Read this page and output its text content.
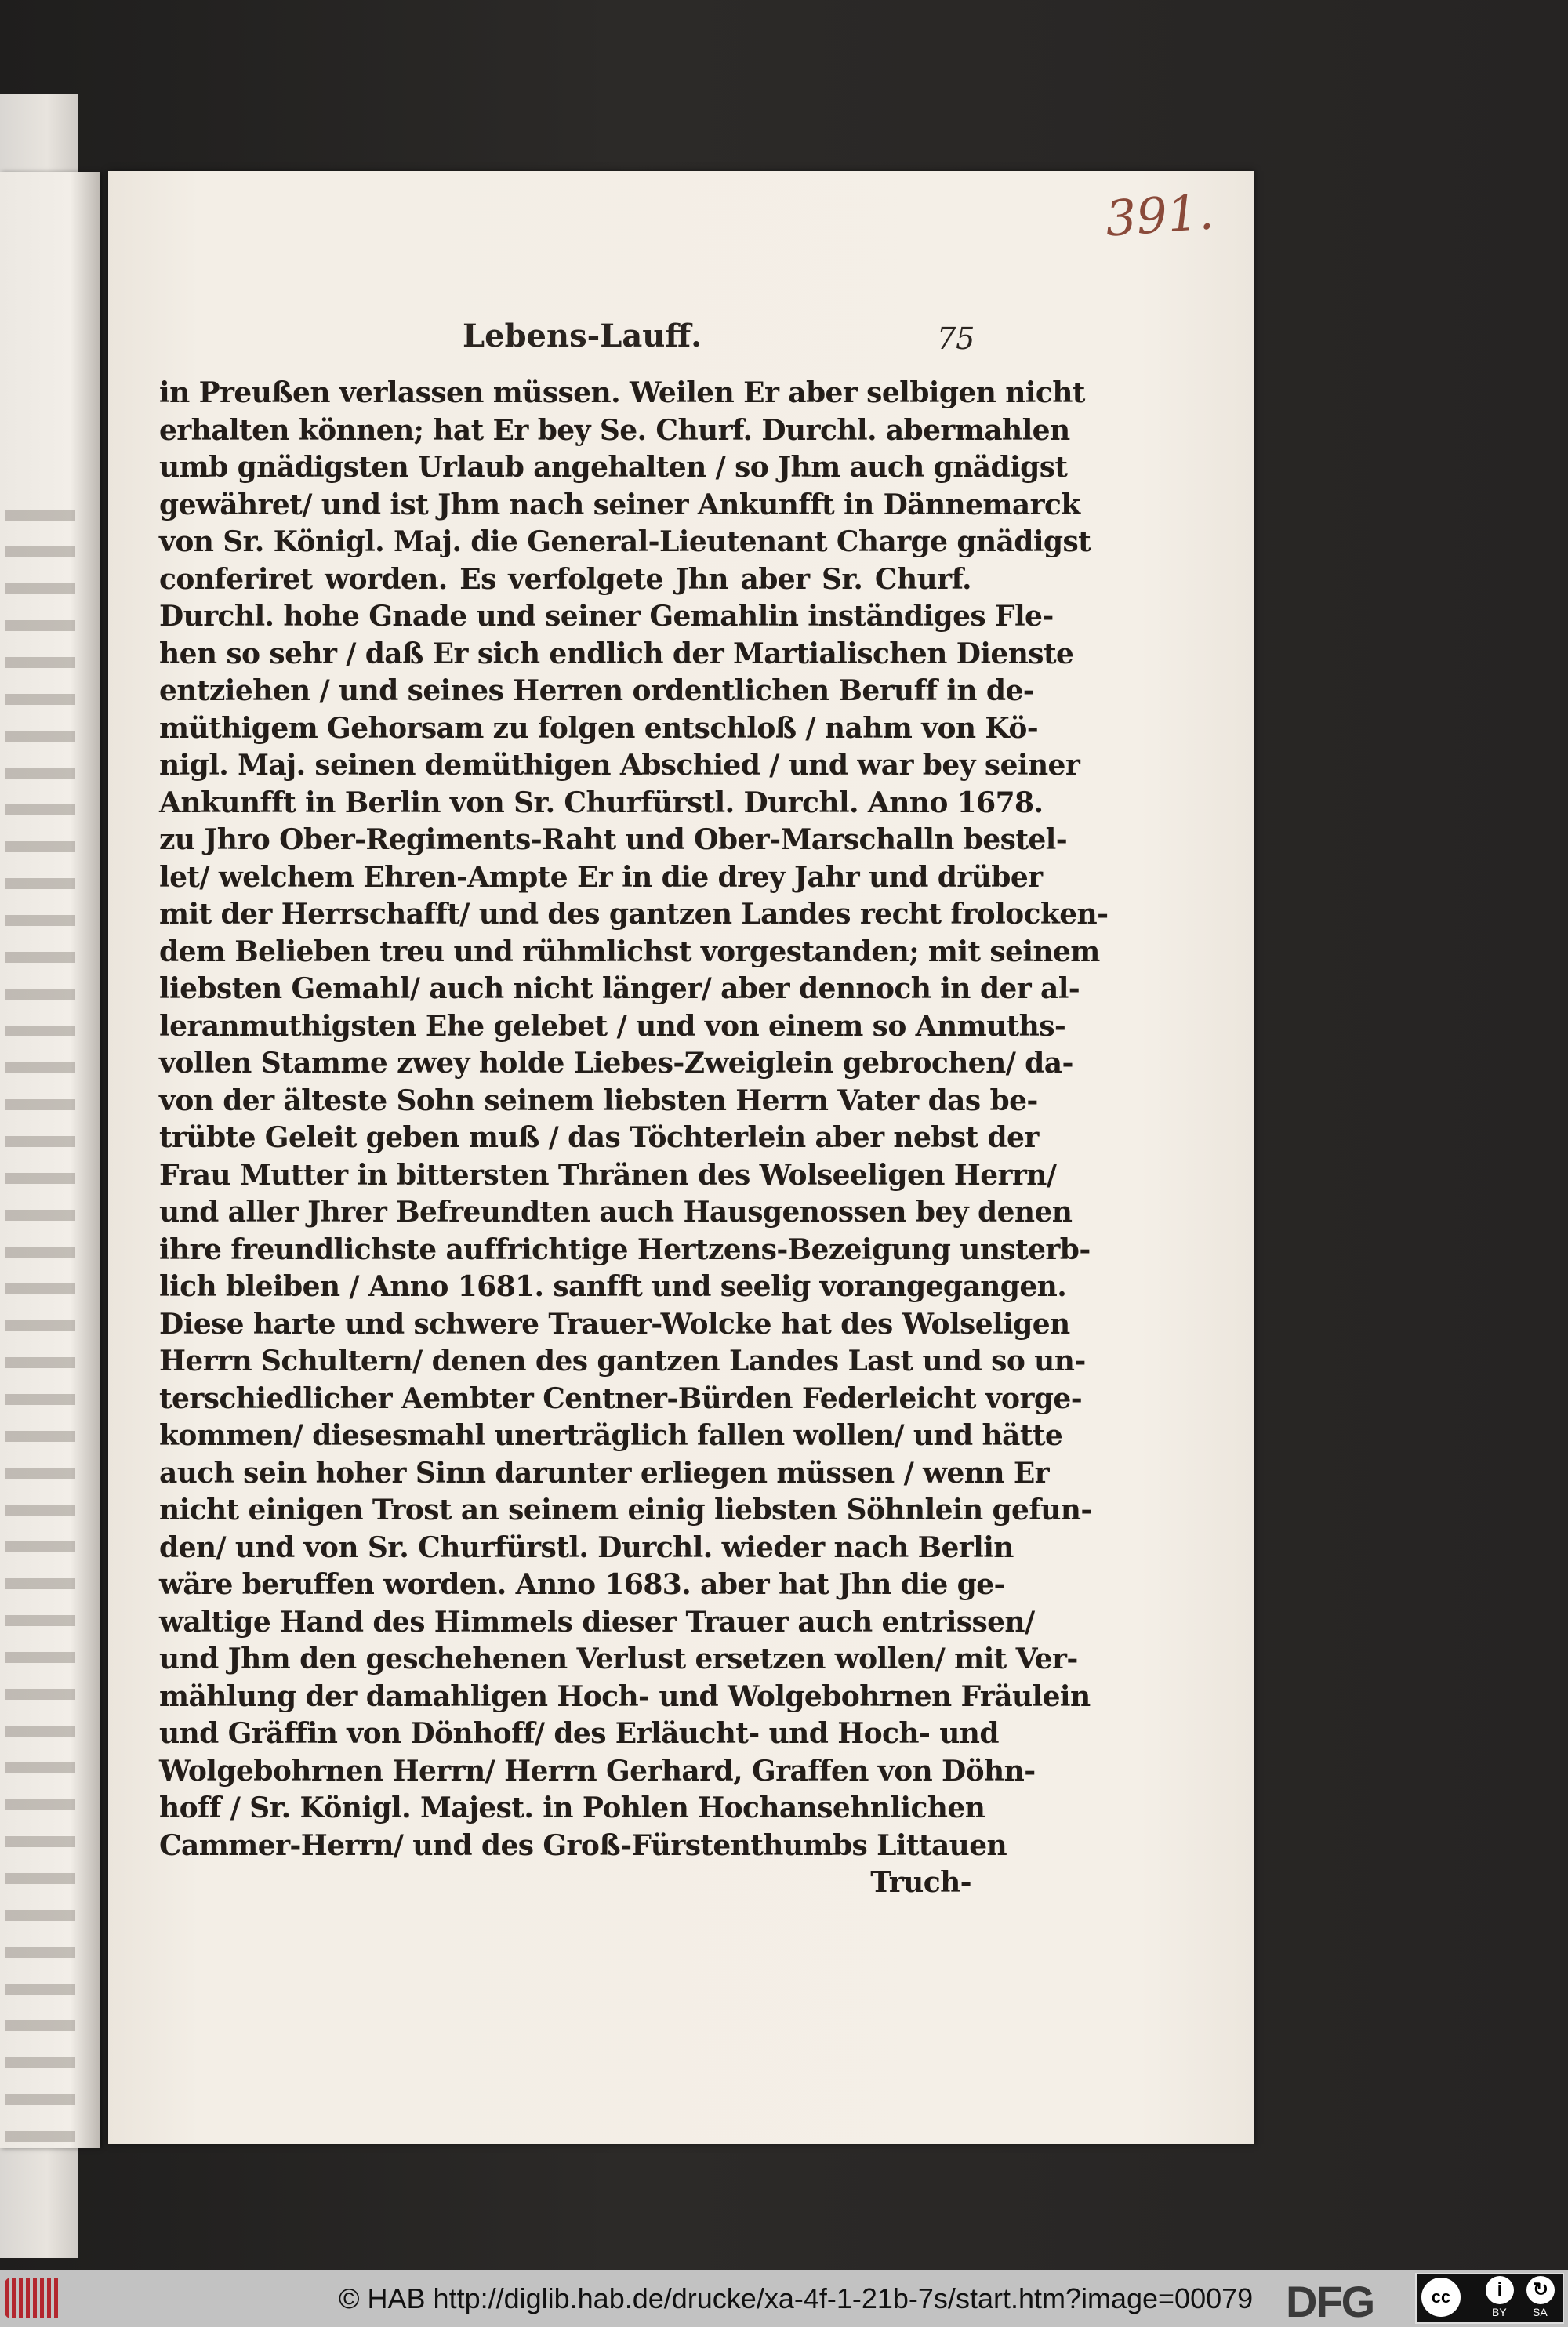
391.
Lebens-Lauff.	75
in Preußen verlassen müssen. Weilen Er aber selbigen nicht
erhalten können; hat Er bey Se. Churf. Durchl. abermahlen
umb gnädigsten Urlaub angehalten / so Jhm auch gnädigst
gewähret/ und ist Jhm nach seiner Ankunfft in Dännemarck
von Sr. Königl. Maj. die General-Lieutenant Charge gnädigst
conferiret worden. Es verfolgete Jhn aber Sr. Churf.
Durchl. hohe Gnade und seiner Gemahlin inständiges Fle-
hen so sehr / daß Er sich endlich der Martialischen Dienste
entziehen / und seines Herren ordentlichen Beruff in de-
müthigem Gehorsam zu folgen entschloß / nahm von Kö-
nigl. Maj. seinen demüthigen Abschied / und war bey seiner
Ankunfft in Berlin von Sr. Churfürstl. Durchl. Anno 1678.
zu Jhro Ober-Regiments-Raht und Ober-Marschalln bestel-
let/ welchem Ehren-Ampte Er in die drey Jahr und drüber
mit der Herrschafft/ und des gantzen Landes recht frolocken-
dem Belieben treu und rühmlichst vorgestanden; mit seinem
liebsten Gemahl/ auch nicht länger/ aber dennoch in der al-
leranmuthigsten Ehe gelebet / und von einem so Anmuths-
vollen Stamme zwey holde Liebes-Zweiglein gebrochen/ da-
von der älteste Sohn seinem liebsten Herrn Vater das be-
trübte Geleit geben muß / das Töchterlein aber nebst der
Frau Mutter in bittersten Thränen des Wolseeligen Herrn/
und aller Jhrer Befreundten auch Hausgenossen bey denen
ihre freundlichste auffrichtige Hertzens-Bezeigung unsterb-
lich bleiben / Anno 1681. sanfft und seelig vorangegangen.
Diese harte und schwere Trauer-Wolcke hat des Wolseligen
Herrn Schultern/ denen des gantzen Landes Last und so un-
terschiedlicher Aembter Centner-Bürden Federleicht vorge-
kommen/ diesesmahl unerträglich fallen wollen/ und hätte
auch sein hoher Sinn darunter erliegen müssen / wenn Er
nicht einigen Trost an seinem einig liebsten Söhnlein gefun-
den/ und von Sr. Churfürstl. Durchl. wieder nach Berlin
wäre beruffen worden. Anno 1683. aber hat Jhn die ge-
waltige Hand des Himmels dieser Trauer auch entrissen/
und Jhm den geschehenen Verlust ersetzen wollen/ mit Ver-
mählung der damahligen Hoch- und Wolgebohrnen Fräulein
und Gräffin von Dönhoff/ des Erläucht- und Hoch- und
Wolgebohrnen Herrn/ Herrn Gerhard, Graffen von Döhn-
hoff / Sr. Königl. Majest. in Pohlen Hochansehnlichen
Cammer-Herrn/ und des Groß-Fürstenthumbs Littauen
Truch-
© HAB http://diglib.hab.de/drucke/xa-4f-1-21b-7s/start.htm?image=00079 DFG	cc	i	↻
BY SA
